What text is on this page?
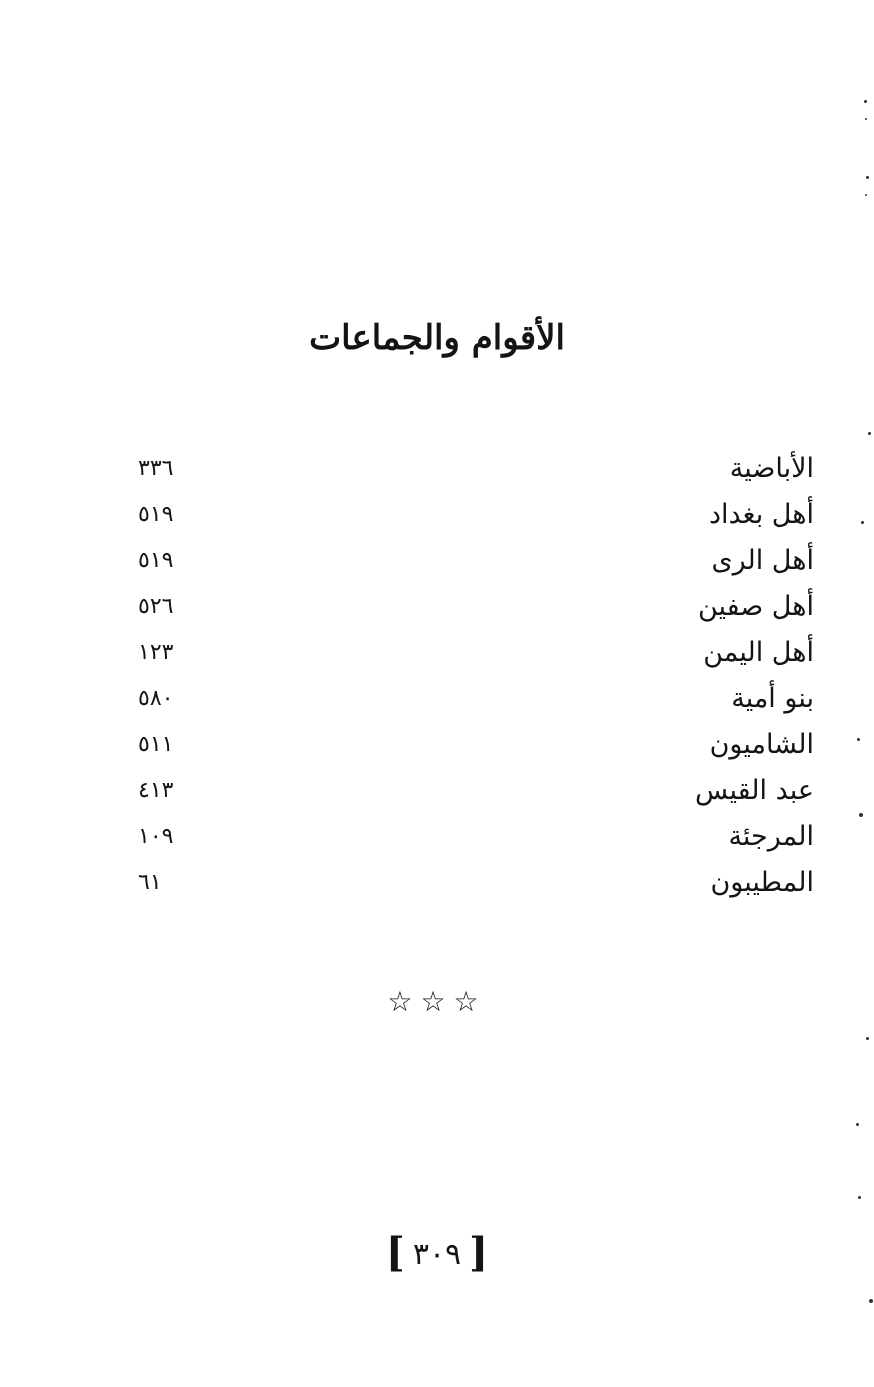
الأقوام والجماعات
الأباضية
٣٣٦
أهل بغداد
٥١٩
أهل الرى
٥١٩
أهل صفين
٥٢٦
أهل اليمن
١٢٣
بنو أمية
٥٨٠
الشاميون
٥١١
عبد القيس
٤١٣
المرجئة
١٠٩
المطيبون
٦١
☆☆☆
[ ٣٠٩ ]
